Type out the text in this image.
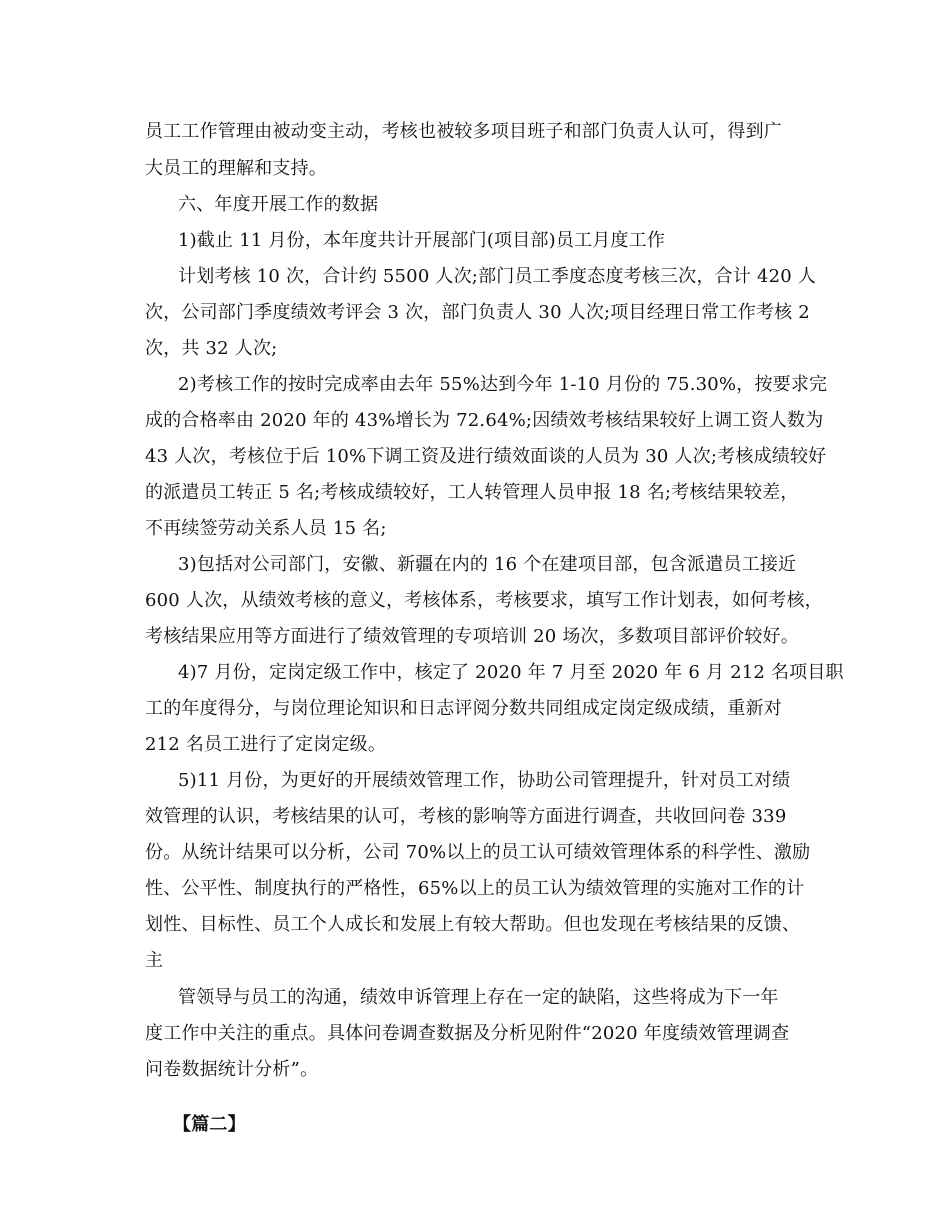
员工工作管理由被动变主动，考核也被较多项目班子和部门负责人认可，得到广
大员工的理解和支持。
六、年度开展工作的数据
1)截止 11 月份，本年度共计开展部门(项目部)员工月度工作
计划考核 10 次，合计约 5500 人次;部门员工季度态度考核三次，合计 420 人
次，公司部门季度绩效考评会 3 次，部门负责人 30 人次;项目经理日常工作考核 2
次，共 32 人次;
2)考核工作的按时完成率由去年 55%达到今年 1-10 月份的 75.30%，按要求完
成的合格率由 2020 年的 43%增长为 72.64%;因绩效考核结果较好上调工资人数为
43 人次，考核位于后 10%下调工资及进行绩效面谈的人员为 30 人次;考核成绩较好
的派遣员工转正 5 名;考核成绩较好，工人转管理人员申报 18 名;考核结果较差，
不再续签劳动关系人员 15 名;
3)包括对公司部门，安徽、新疆在内的 16 个在建项目部，包含派遣员工接近
600 人次，从绩效考核的意义，考核体系，考核要求，填写工作计划表，如何考核，
考核结果应用等方面进行了绩效管理的专项培训 20 场次，多数项目部评价较好。
4)7 月份，定岗定级工作中，核定了 2020 年 7 月至 2020 年 6 月 212 名项目职
工的年度得分，与岗位理论知识和日志评阅分数共同组成定岗定级成绩，重新对
212 名员工进行了定岗定级。
5)11 月份，为更好的开展绩效管理工作，协助公司管理提升，针对员工对绩
效管理的认识，考核结果的认可，考核的影响等方面进行调查，共收回问卷 339
份。从统计结果可以分析，公司 70%以上的员工认可绩效管理体系的科学性、激励
性、公平性、制度执行的严格性，65%以上的员工认为绩效管理的实施对工作的计
划性、目标性、员工个人成长和发展上有较大帮助。但也发现在考核结果的反馈、
主
管领导与员工的沟通，绩效申诉管理上存在一定的缺陷，这些将成为下一年
度工作中关注的重点。具体问卷调查数据及分析见附件“2020 年度绩效管理调查
问卷数据统计分析”。
【篇二】
